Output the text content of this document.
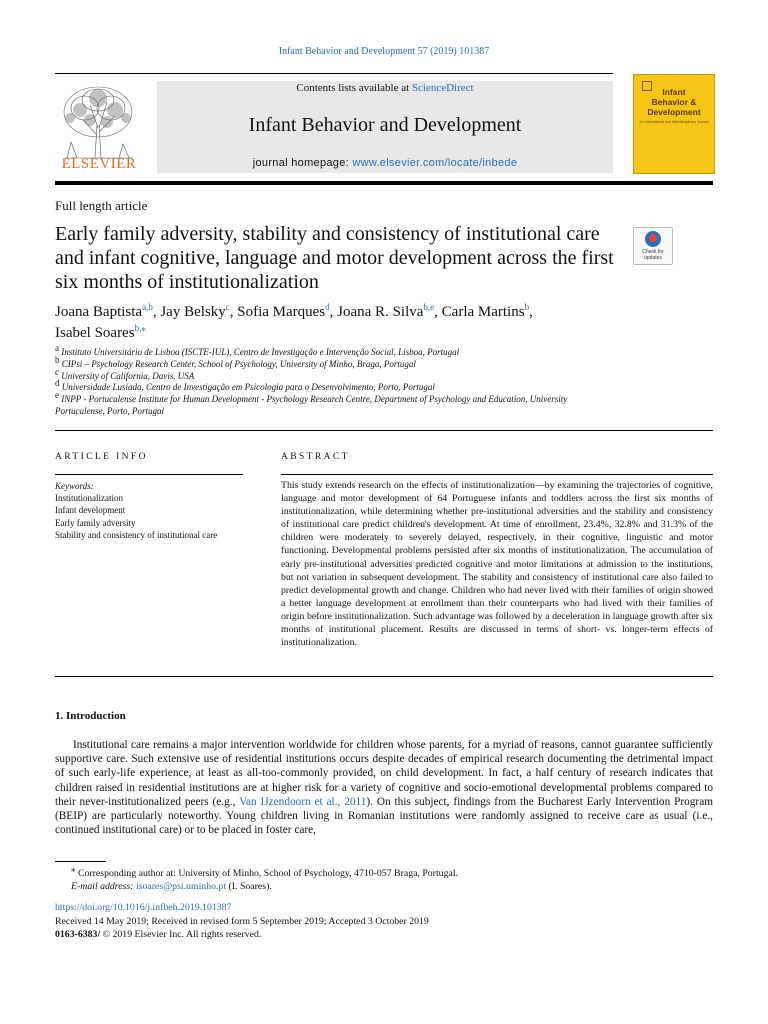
Infant Behavior and Development 57 (2019) 101387
ELSEVIER
Contents lists available at ScienceDirect
Infant Behavior and Development
journal homepage: www.elsevier.com/locate/inbede
Infant
Behavior &
Development
An International and Interdisciplinary Journal
Full length article
Early family adversity, stability and consistency of institutional care and infant cognitive, language and motor development across the first six months of institutionalization
Check for
updates
Joana Baptista$^{a,b}$, Jay Belsky$^c$, Sofia Marques$^d$, Joana R. Silva$^{b,e}$, Carla Martins$^b$,
Isabel Soares$^{b,⁎}$
$^a$ Instituto Universitário de Lisboa (ISCTE-IUL), Centro de Investigação e Intervenção Social, Lisboa, Portugal
$^b$ CIPsi – Psychology Research Center, School of Psychology, University of Minho, Braga, Portugal
$^c$ University of California, Davis, USA
$^d$ Universidade Lusíada, Centro de Investigação em Psicologia para o Desenvolvimento, Porto, Portugal
$^e$ INPP - Portucalense Institute for Human Development - Psychology Research Centre, Department of Psychology and Education, University Portucalense, Porto, Portugal
ARTICLE INFO	ABSTRACT
Keywords:
Institutionalization
Infant development
Early family adversity
Stability and consistency of institutional care
This study extends research on the effects of institutionalization—by examining the trajectories of cognitive, language and motor development of 64 Portuguese infants and toddlers across the first six months of institutionalization, while determining whether pre-institutional adversities and the stability and consistency of institutional care predict children's development. At time of enrollment, 23.4%, 32.8% and 31.3% of the children were moderately to severely delayed, respectively, in their cognitive, linguistic and motor functioning. Developmental problems persisted after six months of institutionalization. The accumulation of early pre-institutional adversities predicted cognitive and motor limitations at admission to the institutions, but not variation in subsequent development. The stability and consistency of institutional care also failed to predict developmental growth and change. Children who had never lived with their families of origin showed a better language development at enrollment than their counterparts who had lived with their families of origin before institutionalization. Such advantage was followed by a deceleration in language growth after six months of institutional placement. Results are discussed in terms of short- vs. longer-term effects of institutionalization.
1. Introduction
Institutional care remains a major intervention worldwide for children whose parents, for a myriad of reasons, cannot guarantee sufficiently supportive care. Such extensive use of residential institutions occurs despite decades of empirical research documenting the detrimental impact of such early-life experience, at least as all-too-commonly provided, on child development. In fact, a half century of research indicates that children raised in residential institutions are at higher risk for a variety of cognitive and socio-emotional developmental problems compared to their never-institutionalized peers (e.g., Van IJzendoorn et al., 2011). On this subject, findings from the Bucharest Early Intervention Program (BEIP) are particularly noteworthy. Young children living in Romanian institutions were randomly assigned to receive care as usual (i.e., continued institutional care) or to be placed in foster care,
⁎ Corresponding author at: University of Minho, School of Psychology, 4710-057 Braga, Portugal.
E-mail address: isoares@psi.uminho.pt (I. Soares).
https://doi.org/10.1016/j.infbeh.2019.101387
Received 14 May 2019; Received in revised form 5 September 2019; Accepted 3 October 2019
0163-6383/ © 2019 Elsevier Inc. All rights reserved.
